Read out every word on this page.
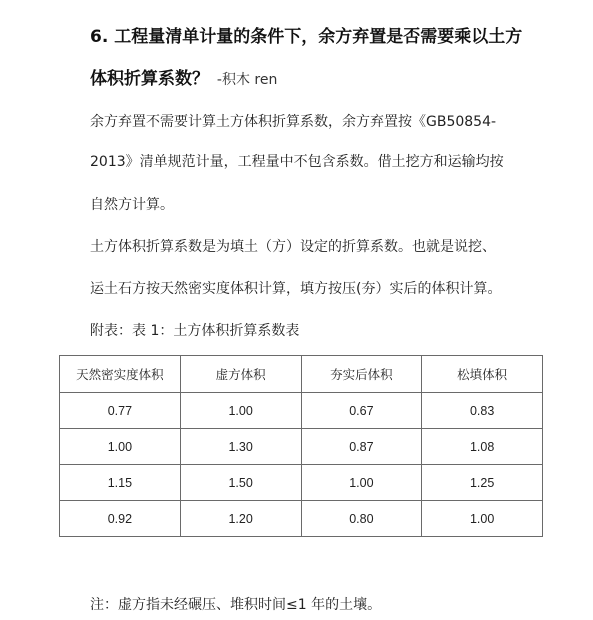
6. 工程量清单计量的条件下，余方弃置是否需要乘以土方
体积折算系数？ -积木 ren
余方弃置不需要计算土方体积折算系数，余方弃置按《GB50854-
2013》清单规范计量，工程量中不包含系数。借土挖方和运输均按
自然方计算。
土方体积折算系数是为填土（方）设定的折算系数。也就是说挖、
运土石方按天然密实度体积计算，填方按压(夯）实后的体积计算。
附表：表 1：土方体积折算系数表
天然密实度体积	虚方体积	夯实后体积	松填体积
0.77	1.00	0.67	0.83
1.00	1.30	0.87	1.08
1.15	1.50	1.00	1.25
0.92	1.20	0.80	1.00
注：虚方指未经碾压、堆积时间≤1 年的土壤。
